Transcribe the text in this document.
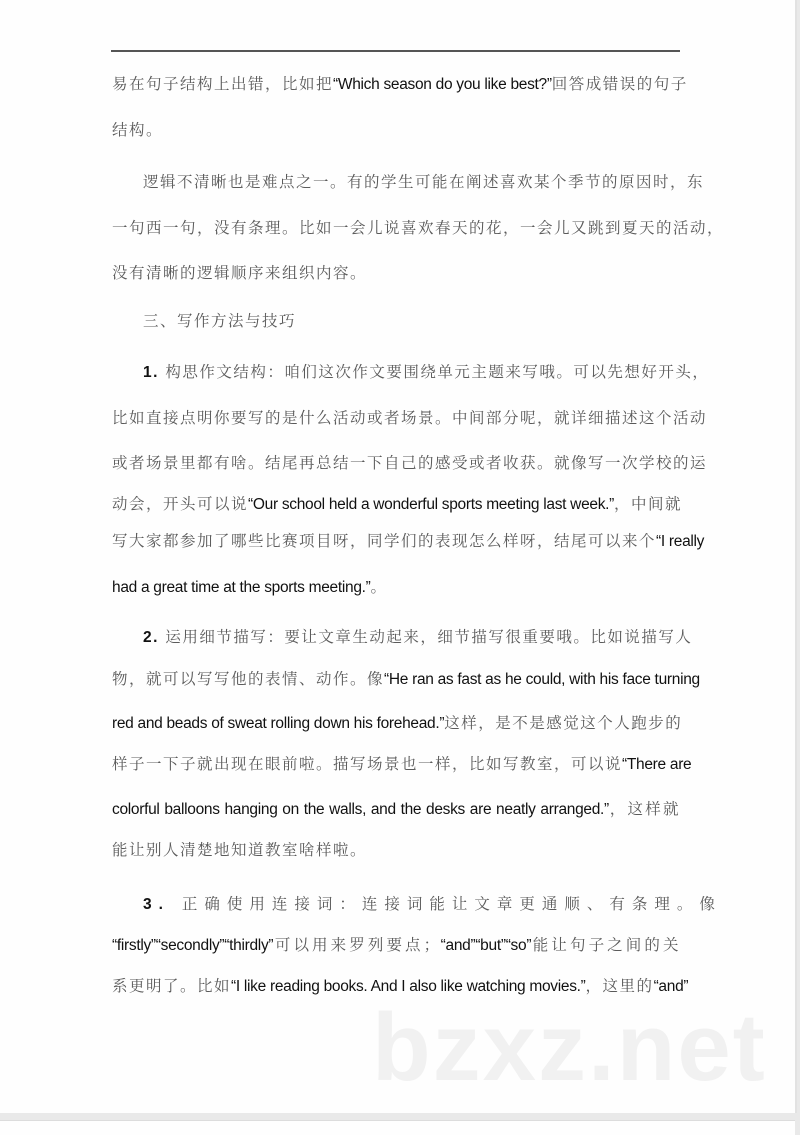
易在句子结构上出错，比如把“Which season do you like best?”回答成错误的句子
结构。
逻辑不清晰也是难点之一。有的学生可能在阐述喜欢某个季节的原因时，东
一句西一句，没有条理。比如一会儿说喜欢春天的花，一会儿又跳到夏天的活动，
没有清晰的逻辑顺序来组织内容。
三、写作方法与技巧
1. 构思作文结构：咱们这次作文要围绕单元主题来写哦。可以先想好开头，
比如直接点明你要写的是什么活动或者场景。中间部分呢，就详细描述这个活动
或者场景里都有啥。结尾再总结一下自己的感受或者收获。就像写一次学校的运
动会，开头可以说“Our school held a wonderful sports meeting last week.”，中间就
写大家都参加了哪些比赛项目呀，同学们的表现怎么样呀，结尾可以来个“I really
had a great time at the sports meeting.”。
2. 运用细节描写：要让文章生动起来，细节描写很重要哦。比如说描写人
物，就可以写写他的表情、动作。像“He ran as fast as he could, with his face turning
red and beads of sweat rolling down his forehead.”这样，是不是感觉这个人跑步的
样子一下子就出现在眼前啦。描写场景也一样，比如写教室，可以说“There are
colorful balloons hanging on the walls, and the desks are neatly arranged.”，这样就
能让别人清楚地知道教室啥样啦。
3. 正确使用连接词：连接词能让文章更通顺、有条理。像
“firstly”“secondly”“thirdly”可以用来罗列要点；“and”“but”“so”能让句子之间的关
系更明了。比如“I like reading books. And I also like watching movies.”，这里的“and”
bzxz.net
